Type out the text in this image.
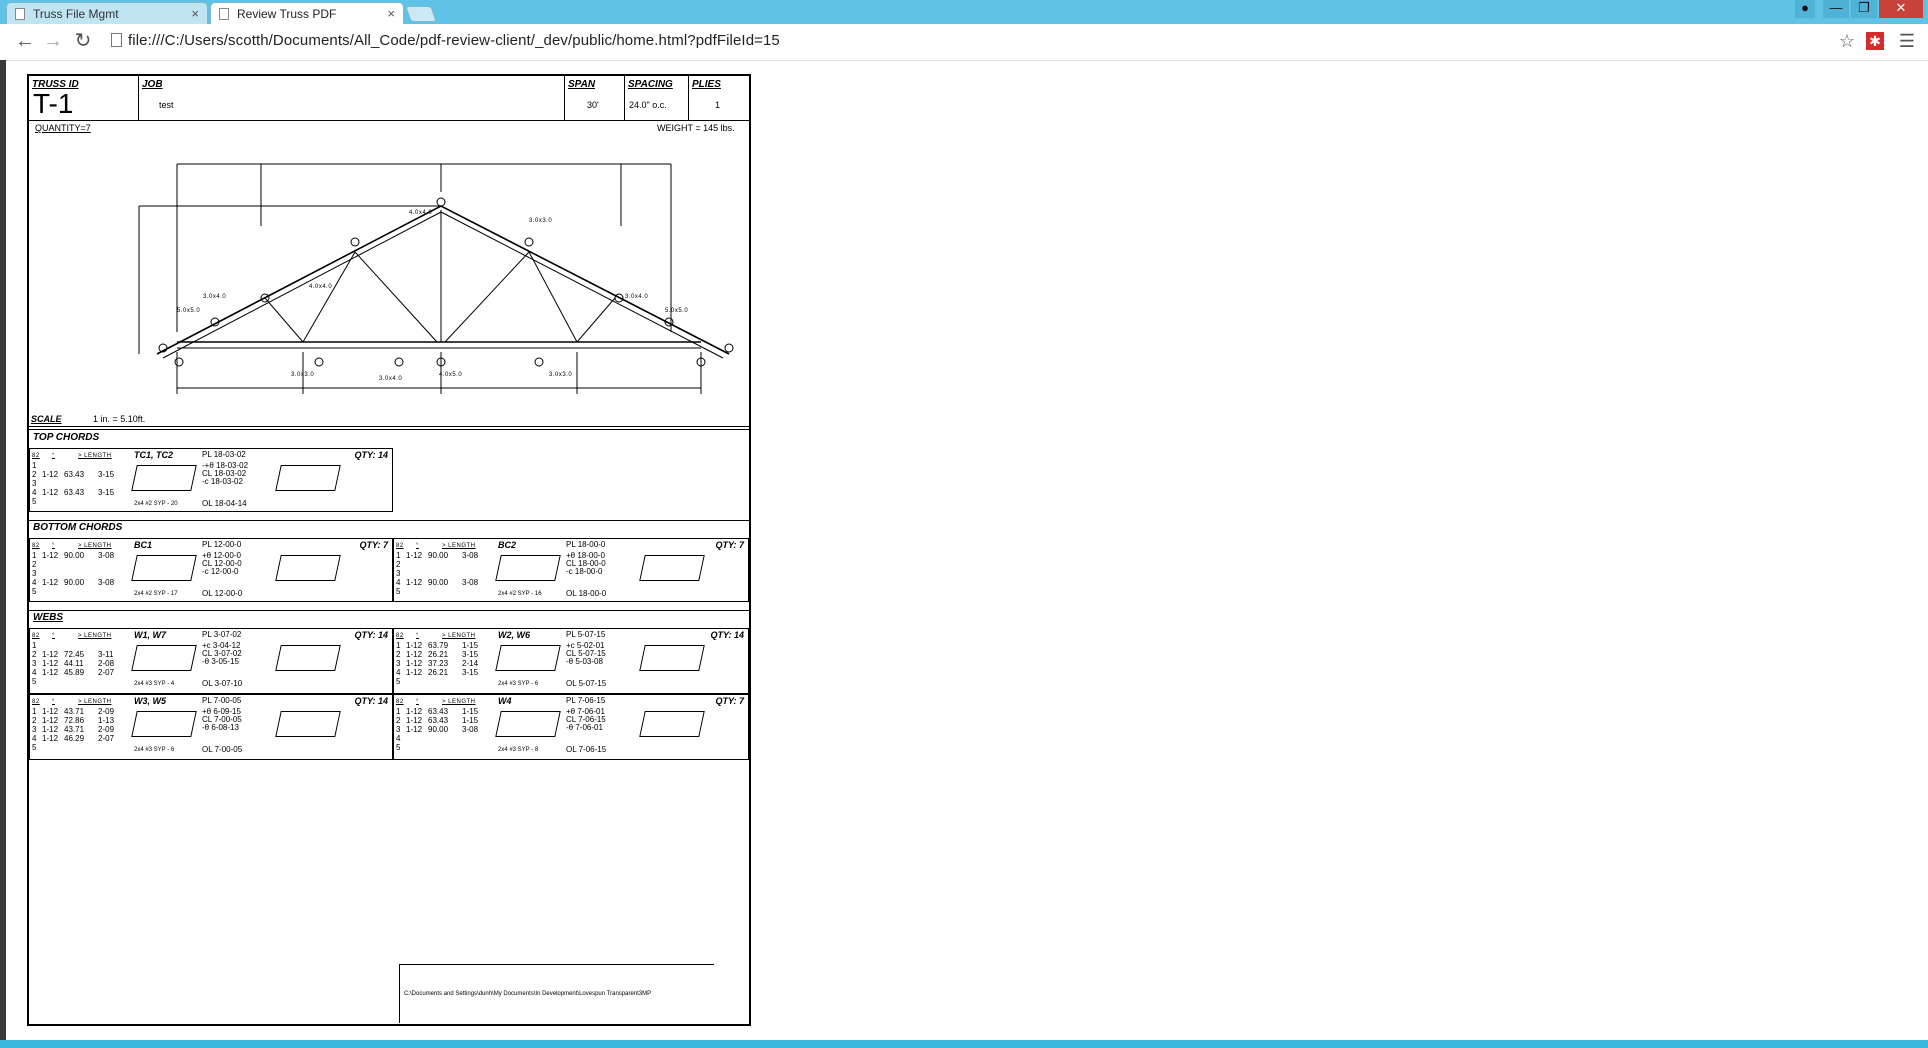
Truss File Mgmt	×	Review Truss PDF	×	●	—	❐	✕
← → ↻ file:///C:/Users/scotth/Documents/All_Code/pdf-review-client/_dev/public/home.html?pdfFileId=15	☆ ✱ ☰
TRUSS ID
T-1
JOB
test
SPAN
30'
SPACING
24.0" o.c.
PLIES
1
QUANTITY=7	WEIGHT = 145 lbs.
4.0x4.0
4.0x4.0
5.0x5.0
3.0x4.0	3.0x4.0
5.0x5.0
3.0x3.0
3.0x4.0
4.0x5.0	3.0x3.0
3.0x3.0
SCALE	1 in. = 5.10ft.
TOP CHORDS
82 °	> LENGTH
1
2 1-12 63.43 3-15
3
4 1-12 63.43 3-15
5
TC1, TC2	QTY: 14
PL 18-03-02
-+θ 18-03-02
CL 18-03-02
-c 18-03-02
OL 18-04-14
2x4 #2 SYP - 20
BOTTOM CHORDS
82 °	> LENGTH
1 1-12 90.00 3-08
2
3
4 1-12 90.00 3-08
5
BC1	QTY: 7
PL 12-00-0
+θ 12-00-0
CL 12-00-0
-c 12-00-0
OL 12-00-0
2x4 #2 SYP - 17
82 °	> LENGTH
1 1-12 90.00 3-08
2
3
4 1-12 90.00 3-08
5
BC2	QTY: 7
PL 18-00-0
+θ 18-00-0
CL 18-00-0
-c 18-00-0
OL 18-00-0
2x4 #2 SYP - 16
WEBS
82 °	> LENGTH
1
2 1-12 72.45 3-11
3 1-12 44.11 2-08
4 1-12 45.89 2-07
5
W1, W7	QTY: 14
PL 3-07-02
+c 3-04-12
CL 3-07-02
-θ 3-05-15
OL 3-07-10
2x4 #3 SYP - 4
82 °	> LENGTH
1 1-12 63.79 1-15
2 1-12 26.21 3-15
3 1-12 37.23 2-14
4 1-12 26.21 3-15
5
W2, W6	QTY: 14
PL 5-07-15
+c 5-02-01
CL 5-07-15
-θ 5-03-08
OL 5-07-15
2x4 #3 SYP - 6
82 °	> LENGTH
1 1-12 43.71 2-09
2 1-12 72.86 1-13
3 1-12 43.71 2-09
4 1-12 46.29 2-07
5
W3, W5	QTY: 14
PL 7-00-05
+θ 6-09-15
CL 7-00-05
-θ 6-08-13
OL 7-00-05
2x4 #3 SYP - 6
82 °	> LENGTH
1 1-12 63.43 1-15
2 1-12 63.43 1-15
3 1-12 90.00 3-08
4
5
W4	QTY: 7
PL 7-06-15
+θ 7-06-01
CL 7-06-15
-θ 7-06-01
OL 7-06-15
2x4 #3 SYP - 8
C:\Documents and Settings\dunh\My Documents\In Development\Lovespun Transparent3MP
